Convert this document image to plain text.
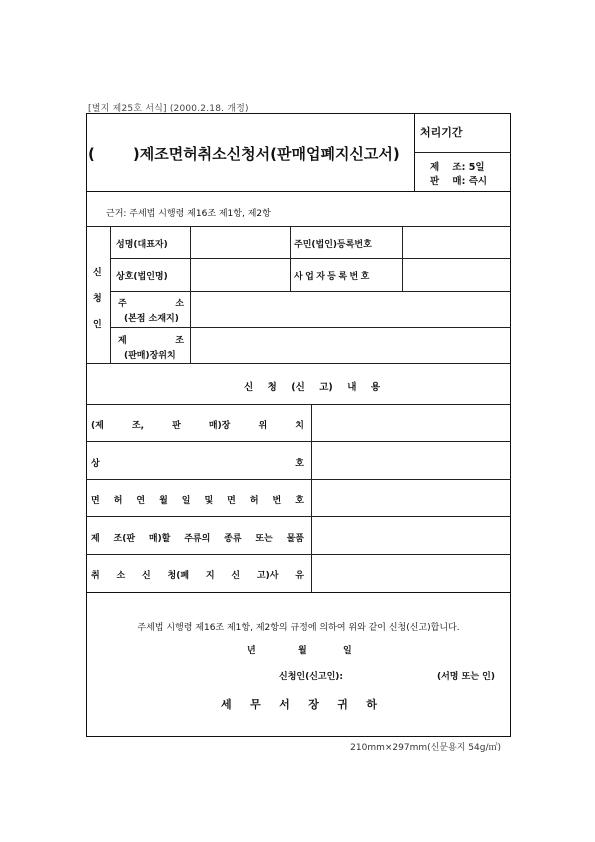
[별지 제25호 서식] (2000.2.18. 개정)
(	)제조면허취소신청서(판매업폐지신고서)
처리기간
제    조: 5일
판    매: 즉시
근거: 주세법 시행령 제16조 제1항, 제2항
신
청
인
성명(대표자)	주민(법인)등록번호
상호(법인명)	사업자등록번호
주	소
(본점 소재지)
제	조
(판매)장위치
신 청 (신 고) 내 용
(제	조,	판	매)장	위	치
상	호
면 허 연 월 일 및 면 허 번 호
제 조(판 매)할 주류의 종류 또는 물품
취 소 신 청(폐 지 신 고)사 유
주세법 시행령 제16조 제1항, 제2항의 규정에 의하여 위와 같이 신청(신고)합니다.
년	월	일
신청인(신고인):	(서명 또는 인)
세 무 서 장 귀 하
210mm×297mm(신문용지 54g/㎡)
